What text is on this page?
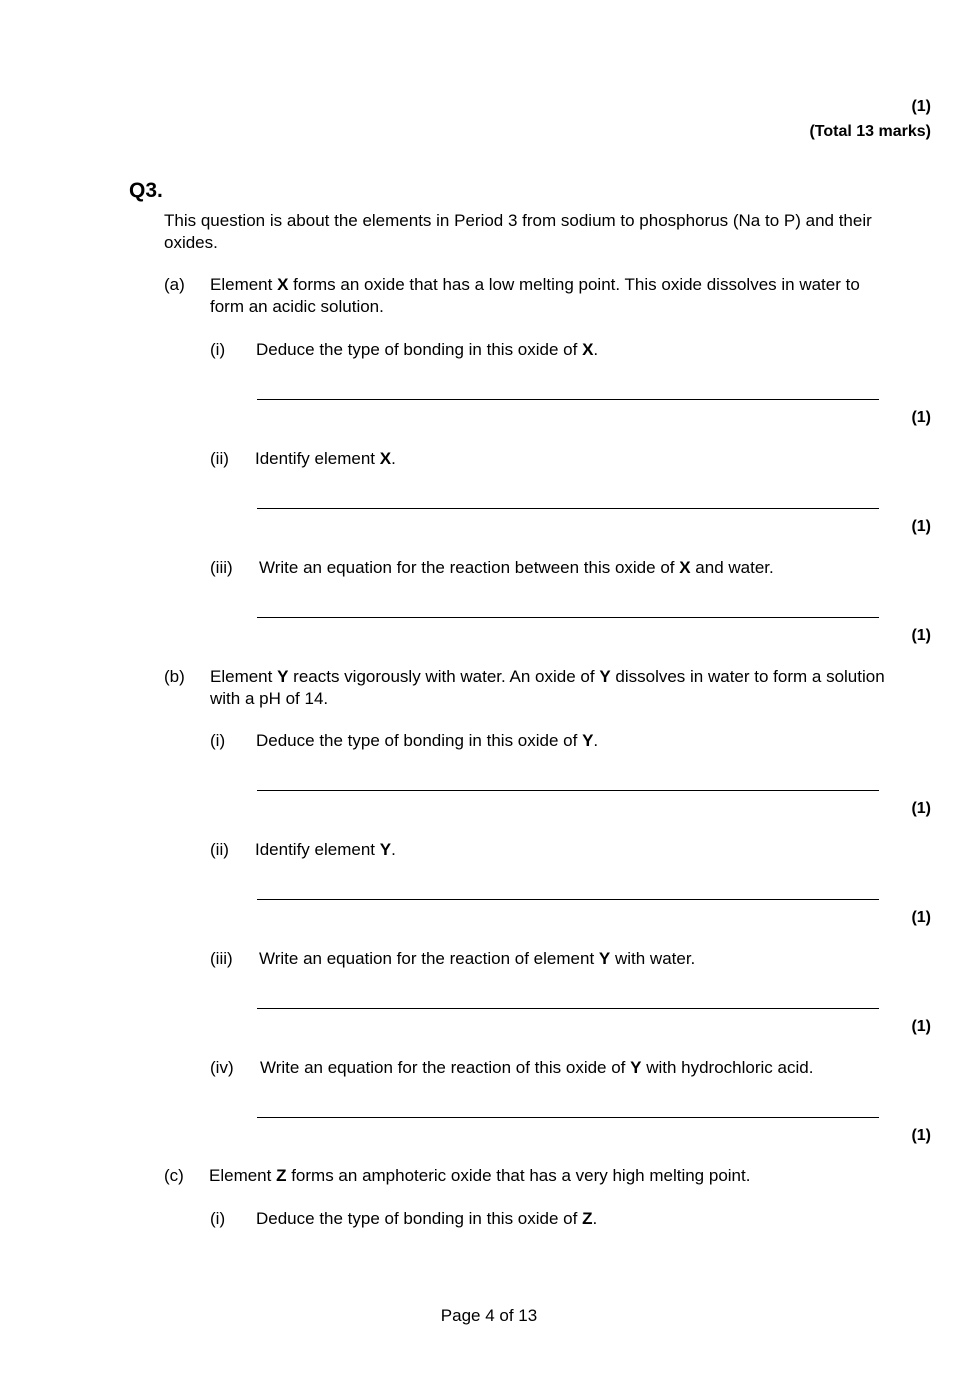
(1)
(Total 13 marks)
Q3.
This question is about the elements in Period 3 from sodium to phosphorus (Na to P) and their oxides.
(a) Element X forms an oxide that has a low melting point. This oxide dissolves in water to form an acidic solution.
(i) Deduce the type of bonding in this oxide of X.
(1)
(ii) Identify element X.
(1)
(iii) Write an equation for the reaction between this oxide of X and water.
(1)
(b) Element Y reacts vigorously with water. An oxide of Y dissolves in water to form a solution with a pH of 14.
(i) Deduce the type of bonding in this oxide of Y.
(1)
(ii) Identify element Y.
(1)
(iii) Write an equation for the reaction of element Y with water.
(1)
(iv) Write an equation for the reaction of this oxide of Y with hydrochloric acid.
(1)
(c) Element Z forms an amphoteric oxide that has a very high melting point.
(i) Deduce the type of bonding in this oxide of Z.
Page 4 of 13
